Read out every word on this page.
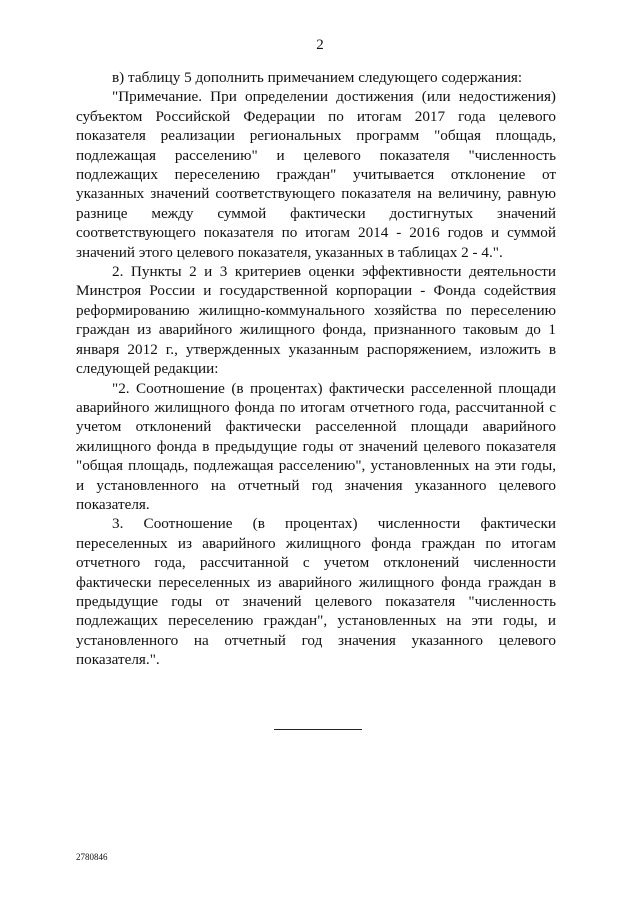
2

в) таблицу 5 дополнить примечанием следующего содержания:

"Примечание. При определении достижения (или недостижения) субъектом Российской Федерации по итогам 2017 года целевого показателя реализации региональных программ "общая площадь, подлежащая расселению" и целевого показателя "численность подлежащих переселению граждан" учитывается отклонение от указанных значений соответствующего показателя на величину, равную разнице между суммой фактически достигнутых значений соответствующего показателя по итогам 2014 - 2016 годов и суммой значений этого целевого показателя, указанных в таблицах 2 - 4.".

2. Пункты 2 и 3 критериев оценки эффективности деятельности Минстроя России и государственной корпорации - Фонда содействия реформированию жилищно-коммунального хозяйства по переселению граждан из аварийного жилищного фонда, признанного таковым до 1 января 2012 г., утвержденных указанным распоряжением, изложить в следующей редакции:

"2. Соотношение (в процентах) фактически расселенной площади аварийного жилищного фонда по итогам отчетного года, рассчитанной с учетом отклонений фактически расселенной площади аварийного жилищного фонда в предыдущие годы от значений целевого показателя "общая площадь, подлежащая расселению", установленных на эти годы, и установленного на отчетный год значения указанного целевого показателя.

3. Соотношение (в процентах) численности фактически переселенных из аварийного жилищного фонда граждан по итогам отчетного года, рассчитанной с учетом отклонений численности фактически переселенных из аварийного жилищного фонда граждан в предыдущие годы от значений целевого показателя "численность подлежащих переселению граждан", установленных на эти годы, и установленного на отчетный год значения указанного целевого показателя.".

2780846
